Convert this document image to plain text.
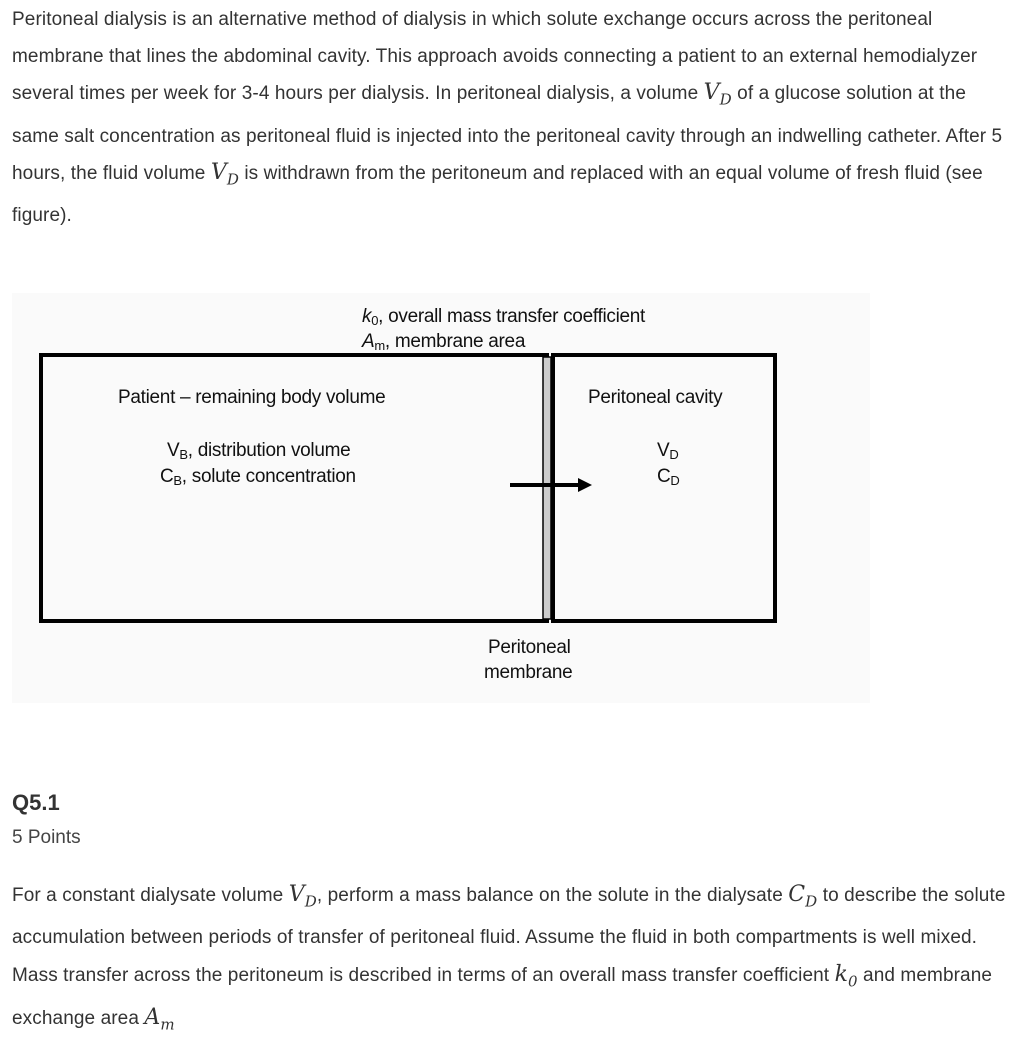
Peritoneal dialysis is an alternative method of dialysis in which solute exchange occurs across the peritoneal membrane that lines the abdominal cavity. This approach avoids connecting a patient to an external hemodialyzer several times per week for 3-4 hours per dialysis. In peritoneal dialysis, a volume $V_D$ of a glucose solution at the same salt concentration as peritoneal fluid is injected into the peritoneal cavity through an indwelling catheter. After 5 hours, the fluid volume $V_D$ is withdrawn from the peritoneum and replaced with an equal volume of fresh fluid (see figure).
$k_0$, overall mass transfer coefficient
$A_m$, membrane area
Patient – remaining body volume
$V_B$, distribution volume
$C_B$, solute concentration
Peritoneal cavity
$V_D$
$C_D$
Peritoneal
membrane
Q5.1
5 Points
For a constant dialysate volume $V_D$, perform a mass balance on the solute in the dialysate $C_D$ to describe the solute accumulation between periods of transfer of peritoneal fluid. Assume the fluid in both compartments is well mixed. Mass transfer across the peritoneum is described in terms of an overall mass transfer coefficient $k_0$ and membrane exchange area $A_m$
